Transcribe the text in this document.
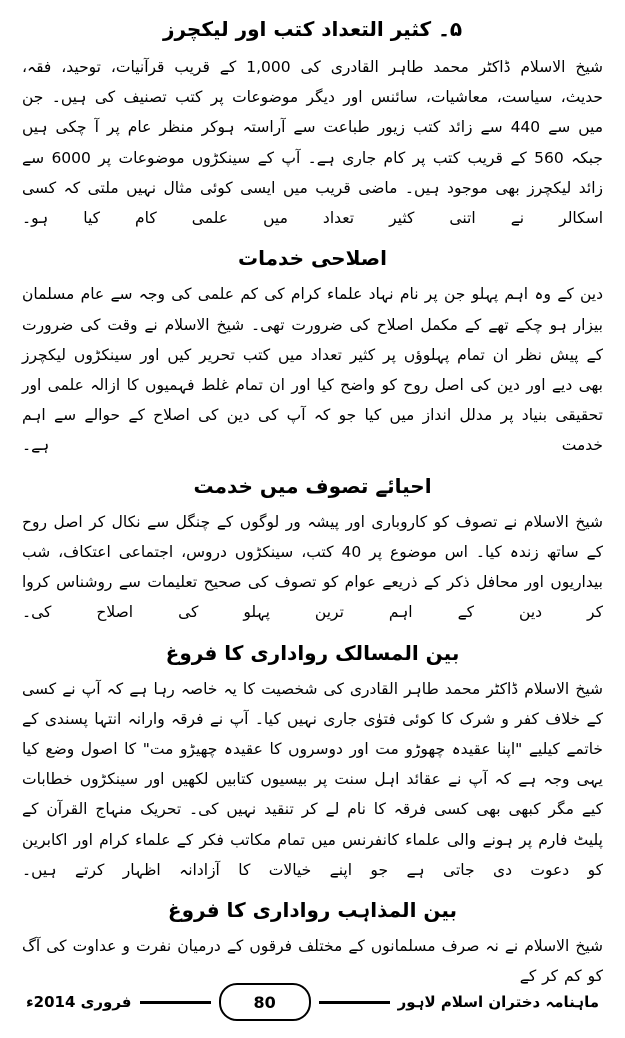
۵۔ کثیر التعداد کتب اور لیکچرز

شیخ الاسلام ڈاکٹر محمد طاہر القادری کی 1,000 کے قریب قرآنیات، توحید، فقہ، حدیث، سیاست، معاشیات، سائنس اور دیگر موضوعات پر کتب تصنیف کی ہیں۔ جن میں سے 440 سے زائد کتب زیور طباعت سے آراستہ ہوکر منظر عام پر آ چکی ہیں جبکہ 560 کے قریب کتب پر کام جاری ہے۔ آپ کے سینکڑوں موضوعات پر 6000 سے زائد لیکچرز بھی موجود ہیں۔ ماضی قریب میں ایسی کوئی مثال نہیں ملتی کہ کسی اسکالر نے اتنی کثیر تعداد میں علمی کام کیا ہو۔

اصلاحی خدمات

دین کے وہ اہم پہلو جن پر نام نہاد علماء کرام کی کم علمی کی وجہ سے عام مسلمان بیزار ہو چکے تھے کے مکمل اصلاح کی ضرورت تھی۔ شیخ الاسلام نے وقت کی ضرورت کے پیش نظر ان تمام پہلوؤں پر کثیر تعداد میں کتب تحریر کیں اور سینکڑوں لیکچرز بھی دیے اور دین کی اصل روح کو واضح کیا اور ان تمام غلط فہمیوں کا ازالہ علمی اور تحقیقی بنیاد پر مدلل انداز میں کیا جو کہ آپ کی دین کی اصلاح کے حوالے سے اہم خدمت ہے۔

احیائے تصوف میں خدمت

شیخ الاسلام نے تصوف کو کاروباری اور پیشہ ور لوگوں کے چنگل سے نکال کر اصل روح کے ساتھ زندہ کیا۔ اس موضوع پر 40 کتب، سینکڑوں دروس، اجتماعی اعتکاف، شب بیداریوں اور محافل ذکر کے ذریعے عوام کو تصوف کی صحیح تعلیمات سے روشناس کروا کر دین کے اہم ترین پہلو کی اصلاح کی۔

بین المسالک رواداری کا فروغ

شیخ الاسلام ڈاکٹر محمد طاہر القادری کی شخصیت کا یہ خاصہ رہا ہے کہ آپ نے کسی کے خلاف کفر و شرک کا کوئی فتوٰی جاری نہیں کیا۔ آپ نے فرقہ وارانہ انتہا پسندی کے خاتمے کیلیے "اپنا عقیدہ چھوڑو مت اور دوسروں کا عقیدہ چھیڑو مت" کا اصول وضع کیا یہی وجہ ہے کہ آپ نے عقائد اہل سنت پر بیسیوں کتابیں لکھیں اور سینکڑوں خطابات کیے مگر کبھی بھی کسی فرقہ کا نام لے کر تنقید نہیں کی۔ تحریک منہاج القرآن کے پلیٹ فارم پر ہونے والی علماء کانفرنس میں تمام مکاتب فکر کے علماء کرام اور اکابرین کو دعوت دی جاتی ہے جو اپنے خیالات کا آزادانہ اظہار کرتے ہیں۔

بین المذاہب رواداری کا فروغ

شیخ الاسلام نے نہ صرف مسلمانوں کے مختلف فرقوں کے درمیان نفرت و عداوت کی آگ کو کم کر کے

ماہنامہ دختران اسلام لاہور
80
فروری 2014ء
